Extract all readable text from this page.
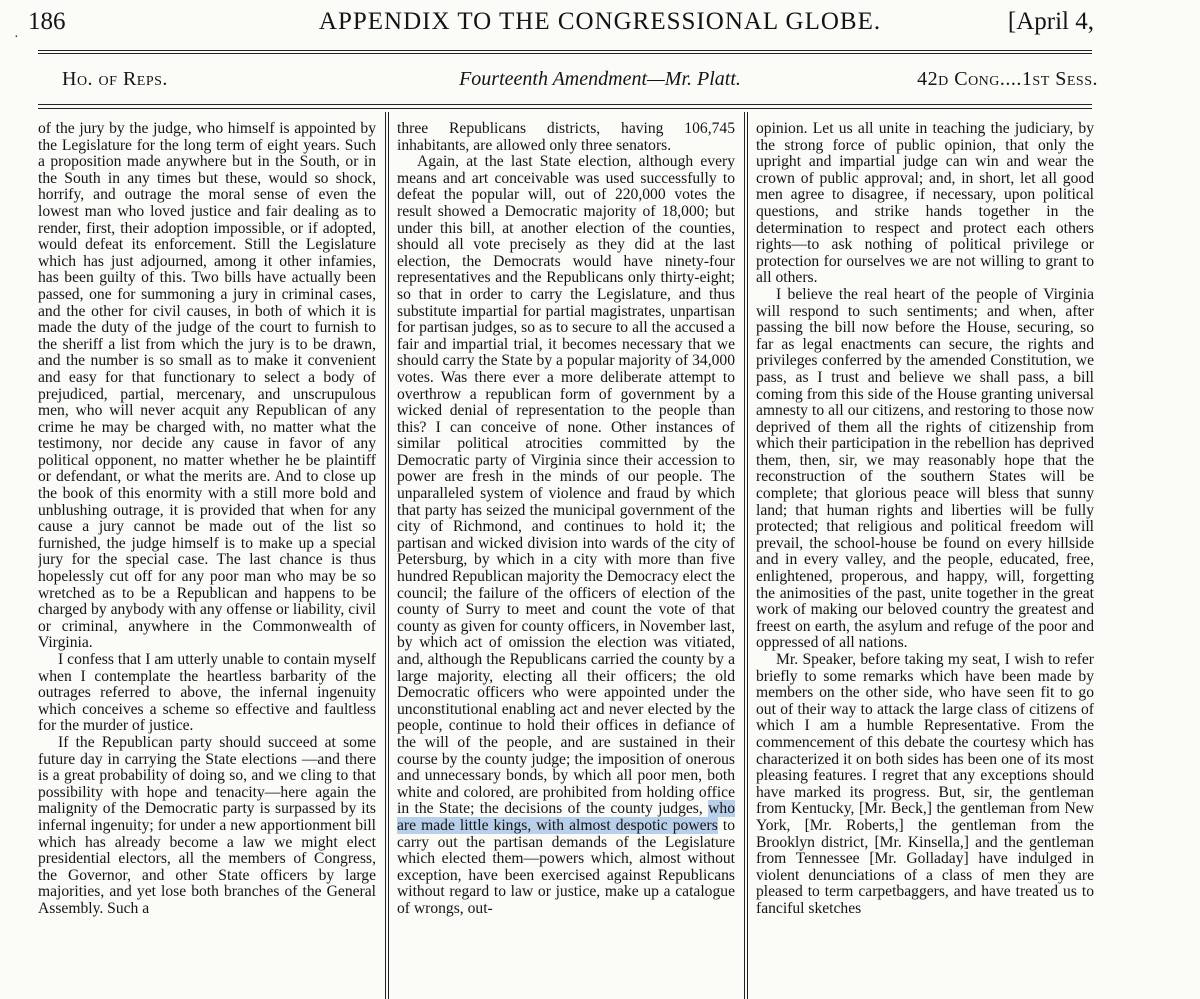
186	APPENDIX TO THE CONGRESSIONAL GLOBE.	[April 4,
·
Ho. of Reps.	Fourteenth Amendment—Mr. Platt.	42d Cong....1st Sess.

of the jury by the judge, who himself is appointed by the Legislature for the long term of eight years. Such a proposition made anywhere but in the South, or in the South in any times but these, would so shock, horrify, and outrage the moral sense of even the lowest man who loved justice and fair dealing as to render, first, their adoption impossible, or if adopted, would defeat its enforcement. Still the Legislature which has just adjourned, among it other infamies, has been guilty of this. Two bills have actually been passed, one for summoning a jury in criminal cases, and the other for civil causes, in both of which it is made the duty of the judge of the court to furnish to the sheriff a list from which the jury is to be drawn, and the number is so small as to make it convenient and easy for that functionary to select a body of prejudiced, partial, mercenary, and unscrupulous men, who will never acquit any Republican of any crime he may be charged with, no matter what the testimony, nor decide any cause in favor of any political opponent, no matter whether he be plaintiff or defendant, or what the merits are. And to close up the book of this enormity with a still more bold and unblushing outrage, it is provided that when for any cause a jury cannot be made out of the list so furnished, the judge himself is to make up a special jury for the special case. The last chance is thus hopelessly cut off for any poor man who may be so wretched as to be a Republican and happens to be charged by anybody with any offense or liability, civil or criminal, anywhere in the Commonwealth of Virginia.

I confess that I am utterly unable to contain myself when I contemplate the heartless barbarity of the outrages referred to above, the infernal ingenuity which conceives a scheme so effective and faultless for the murder of justice.

If the Republican party should succeed at some future day in carrying the State elections —and there is a great probability of doing so, and we cling to that possibility with hope and tenacity—here again the malignity of the Democratic party is surpassed by its infernal ingenuity; for under a new apportionment bill which has already become a law we might elect presidential electors, all the members of Congress, the Governor, and other State officers by large majorities, and yet lose both branches of the General Assembly. Such a

three Republicans districts, having 106,745 inhabitants, are allowed only three senators.

Again, at the last State election, although every means and art conceivable was used successfully to defeat the popular will, out of 220,000 votes the result showed a Democratic majority of 18,000; but under this bill, at another election of the counties, should all vote precisely as they did at the last election, the Democrats would have ninety-four representatives and the Republicans only thirty-eight; so that in order to carry the Legislature, and thus substitute impartial for partial magistrates, unpartisan for partisan judges, so as to secure to all the accused a fair and impartial trial, it becomes necessary that we should carry the State by a popular majority of 34,000 votes. Was there ever a more deliberate attempt to overthrow a republican form of government by a wicked denial of representation to the people than this? I can conceive of none. Other instances of similar political atrocities committed by the Democratic party of Virginia since their accession to power are fresh in the minds of our people. The unparalleled system of violence and fraud by which that party has seized the municipal government of the city of Richmond, and continues to hold it; the partisan and wicked division into wards of the city of Petersburg, by which in a city with more than five hundred Republican majority the Democracy elect the council; the failure of the officers of election of the county of Surry to meet and count the vote of that county as given for county officers, in November last, by which act of omission the election was vitiated, and, although the Republicans carried the county by a large majority, electing all their officers; the old Democratic officers who were appointed under the unconstitutional enabling act and never elected by the people, continue to hold their offices in defiance of the will of the people, and are sustained in their course by the county judge; the imposition of onerous and unnecessary bonds, by which all poor men, both white and colored, are prohibited from holding office in the State; the decisions of the county judges, who are made little kings, with almost despotic powers to carry out the partisan demands of the Legislature which elected them—powers which, almost without exception, have been exercised against Republicans without regard to law or justice, make up a catalogue of wrongs, out-

opinion. Let us all unite in teaching the judiciary, by the strong force of public opinion, that only the upright and impartial judge can win and wear the crown of public approval; and, in short, let all good men agree to disagree, if necessary, upon political questions, and strike hands together in the determination to respect and protect each others rights—to ask nothing of political privilege or protection for ourselves we are not willing to grant to all others.

I believe the real heart of the people of Virginia will respond to such sentiments; and when, after passing the bill now before the House, securing, so far as legal enactments can secure, the rights and privileges conferred by the amended Constitution, we pass, as I trust and believe we shall pass, a bill coming from this side of the House granting universal amnesty to all our citizens, and restoring to those now deprived of them all the rights of citizenship from which their participation in the rebellion has deprived them, then, sir, we may reasonably hope that the reconstruction of the southern States will be complete; that glorious peace will bless that sunny land; that human rights and liberties will be fully protected; that religious and political freedom will prevail, the school-house be found on every hillside and in every valley, and the people, educated, free, enlightened, properous, and happy, will, forgetting the animosities of the past, unite together in the great work of making our beloved country the greatest and freest on earth, the asylum and refuge of the poor and oppressed of all nations.

Mr. Speaker, before taking my seat, I wish to refer briefly to some remarks which have been made by members on the other side, who have seen fit to go out of their way to attack the large class of citizens of which I am a humble Representative. From the commencement of this debate the courtesy which has characterized it on both sides has been one of its most pleasing features. I regret that any exceptions should have marked its progress. But, sir, the gentleman from Kentucky, [Mr. Beck,] the gentleman from New York, [Mr. Roberts,] the gentleman from the Brooklyn district, [Mr. Kinsella,] and the gentleman from Tennessee [Mr. Golladay] have indulged in violent denunciations of a class of men they are pleased to term carpetbaggers, and have treated us to fanciful sketches
